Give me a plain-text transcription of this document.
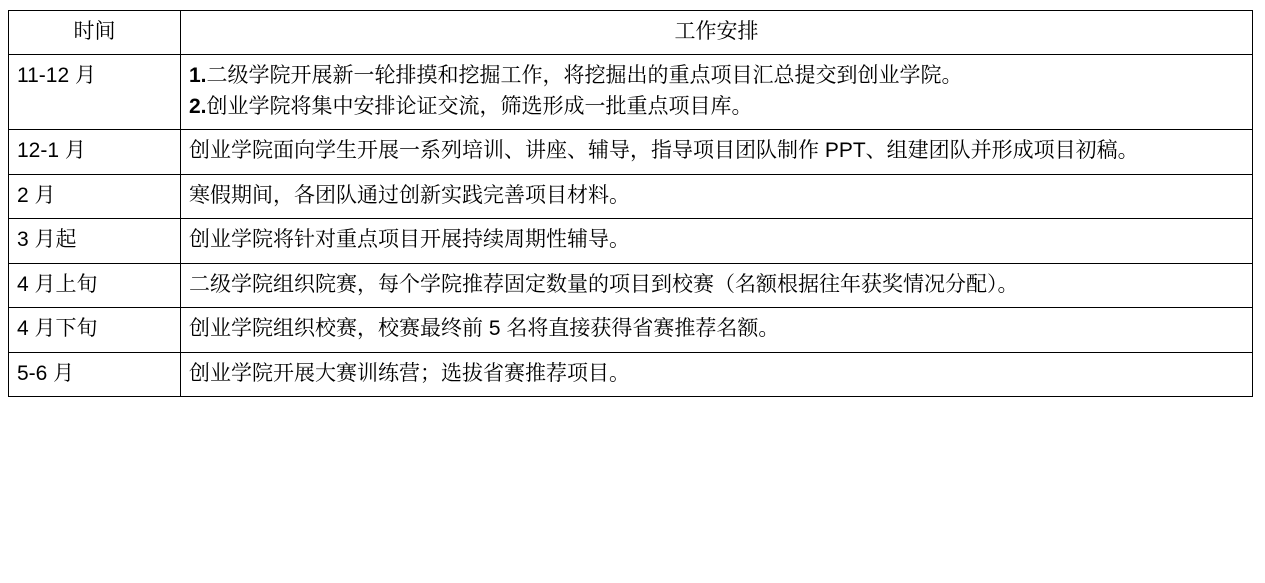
时间	工作安排
11-12 月	1.二级学院开展新一轮排摸和挖掘工作，将挖掘出的重点项目汇总提交到创业学院。
2.创业学院将集中安排论证交流，筛选形成一批重点项目库。

12-1 月	创业学院面向学生开展一系列培训、讲座、辅导，指导项目团队制作 PPT、组建团队并形成项目初稿。

2 月	寒假期间，各团队通过创新实践完善项目材料。

3 月起	创业学院将针对重点项目开展持续周期性辅导。

4 月上旬	二级学院组织院赛，每个学院推荐固定数量的项目到校赛（名额根据往年获奖情况分配）。

4 月下旬	创业学院组织校赛，校赛最终前 5 名将直接获得省赛推荐名额。

5-6 月	创业学院开展大赛训练营；选拔省赛推荐项目。
